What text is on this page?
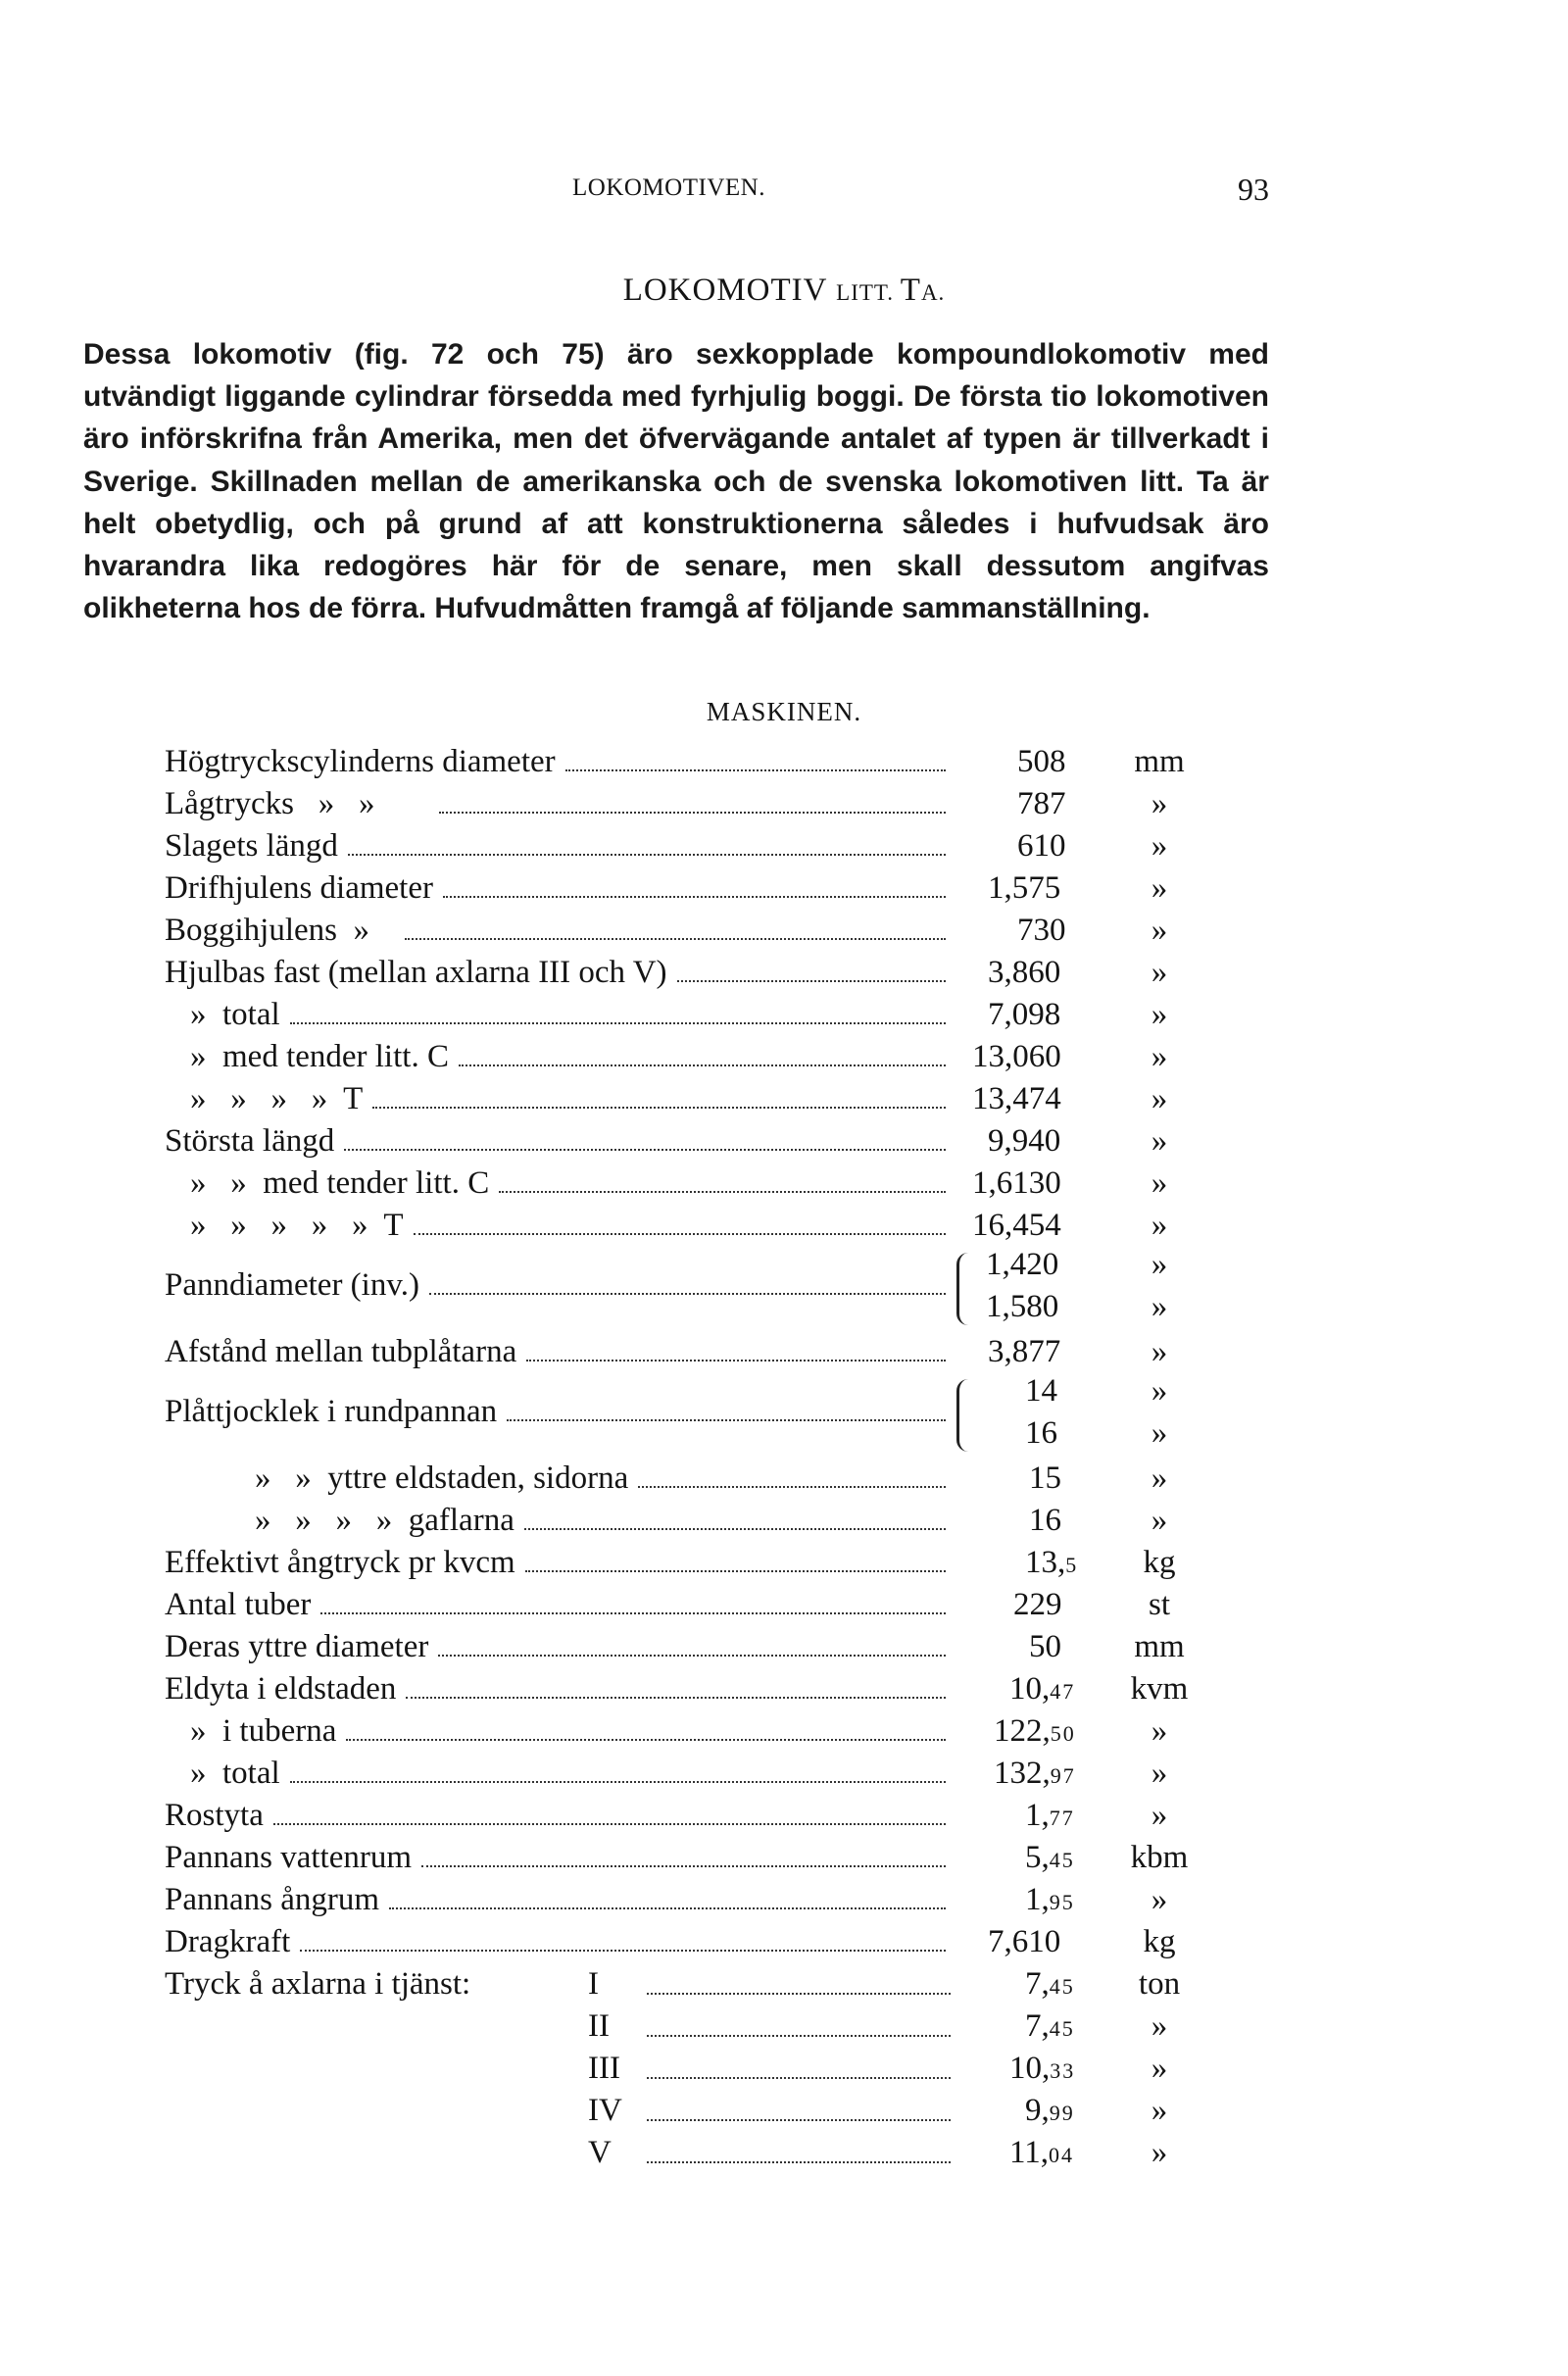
LOKOMOTIVEN.	93
LOKOMOTIV LITT. TA.
Dessa lokomotiv (fig. 72 och 75) äro sexkopplade kompoundlokomotiv med utvändigt liggande cylindrar försedda med fyrhjulig boggi. De första tio lokomotiven äro införskrifna från Amerika, men det öfvervägande antalet af typen är tillverkadt i Sverige. Skillnaden mellan de amerikanska och de svenska lokomotiven litt. Ta är helt obetydlig, och på grund af att konstruktionerna således i hufvudsak äro hvarandra lika redogöres här för de senare, men skall dessutom angifvas olikheterna hos de förra. Hufvudmåtten framgå af följande sammanställning.
MASKINEN.
Högtryckscylinderns diameter	508	mm
Lågtrycks   »   »	787	»
Slagets längd	610	»
Drifhjulens diameter	1,575	»
Boggihjulens  »	730	»
Hjulbas fast (mellan axlarna III och V)	3,860	»
»  total	7,098	»
»  med tender litt. C	13,060	»
»   »   »   »  T	13,474	»
Största längd	9,940	»
»   »  med tender litt. C	1,6130	»
»   »   »   »   »  T	16,454	»
Panndiameter (inv.)
1,420	»
1,580	»
Afstånd mellan tubplåtarna	3,877	»
Plåttjocklek i rundpannan
14	»
16	»
»   »  yttre eldstaden, sidorna	15	»
»   »   »   »  gaflarna	16	»
Effektivt ångtryck pr kvcm	13,5	kg
Antal tuber	229	st
Deras yttre diameter	50	mm
Eldyta i eldstaden	10,47	kvm
»  i tuberna	122,50	»
»  total	132,97	»
Rostyta	1,77	»
Pannans vattenrum	5,45	kbm
Pannans ångrum	1,95	»
Dragkraft	7,610	kg
Tryck å axlarna i tjänst:	I	7,45	ton
II	7,45	»
III	10,33	»
IV	9,99	»
V	11,04	»
